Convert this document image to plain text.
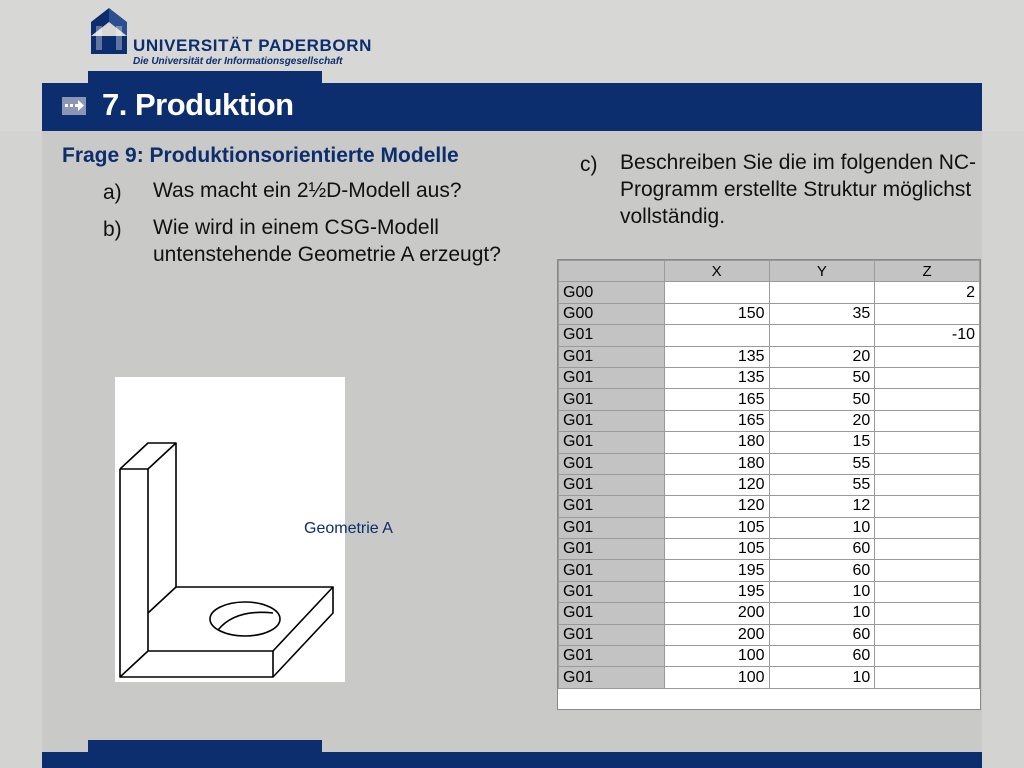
UNIVERSITÄT PADERBORN
Die Universität der Informationsgesellschaft
7. Produktion
Frage 9: Produktionsorientierte Modelle
a) Was macht ein 2½D-Modell aus?
b) Wie wird in einem CSG-Modell untenstehende Geometrie A erzeugt?
c) Beschreiben Sie die im folgenden NC-Programm erstellte Struktur möglichst vollständig.
Geometrie A
	X	Y	Z
G00			2
G00	150	35	
G01			-10
G01	135	20	
G01	135	50	
G01	165	50	
G01	165	20	
G01	180	15	
G01	180	55	
G01	120	55	
G01	120	12	
G01	105	10	
G01	105	60	
G01	195	60	
G01	195	10	
G01	200	10	
G01	200	60	
G01	100	60	
G01	100	10	
